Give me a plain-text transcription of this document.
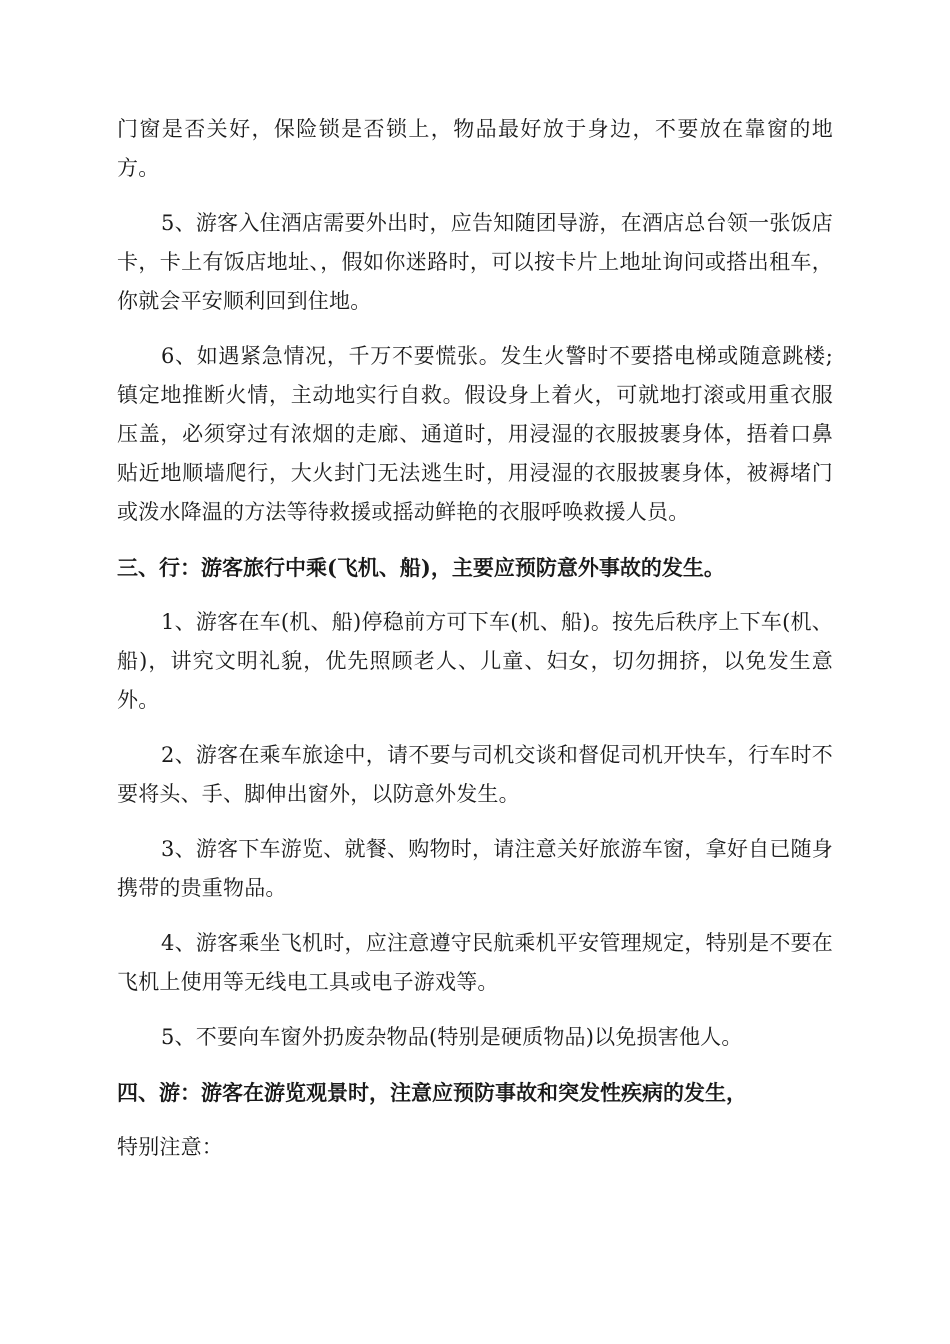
门窗是否关好，保险锁是否锁上，物品最好放于身边，不要放在靠窗的地方。

5、游客入住酒店需要外出时，应告知随团导游，在酒店总台领一张饭店卡，卡上有饭店地址、，假如你迷路时，可以按卡片上地址询问或搭出租车，你就会平安顺利回到住地。

6、如遇紧急情况，千万不要慌张。发生火警时不要搭电梯或随意跳楼;镇定地推断火情，主动地实行自救。假设身上着火，可就地打滚或用重衣服压盖，必须穿过有浓烟的走廊、通道时，用浸湿的衣服披裹身体，捂着口鼻贴近地顺墙爬行，大火封门无法逃生时，用浸湿的衣服披裹身体，被褥堵门或泼水降温的方法等待救援或摇动鲜艳的衣服呼唤救援人员。

三、行：游客旅行中乘(飞机、船)，主要应预防意外事故的发生。

1、游客在车(机、船)停稳前方可下车(机、船)。按先后秩序上下车(机、船)，讲究文明礼貌，优先照顾老人、儿童、妇女，切勿拥挤，以免发生意外。

2、游客在乘车旅途中，请不要与司机交谈和督促司机开快车，行车时不要将头、手、脚伸出窗外，以防意外发生。

3、游客下车游览、就餐、购物时，请注意关好旅游车窗，拿好自已随身携带的贵重物品。

4、游客乘坐飞机时，应注意遵守民航乘机平安管理规定，特别是不要在飞机上使用等无线电工具或电子游戏等。

5、不要向车窗外扔废杂物品(特别是硬质物品)以免损害他人。

四、游：游客在游览观景时，注意应预防事故和突发性疾病的发生，

特别注意：
